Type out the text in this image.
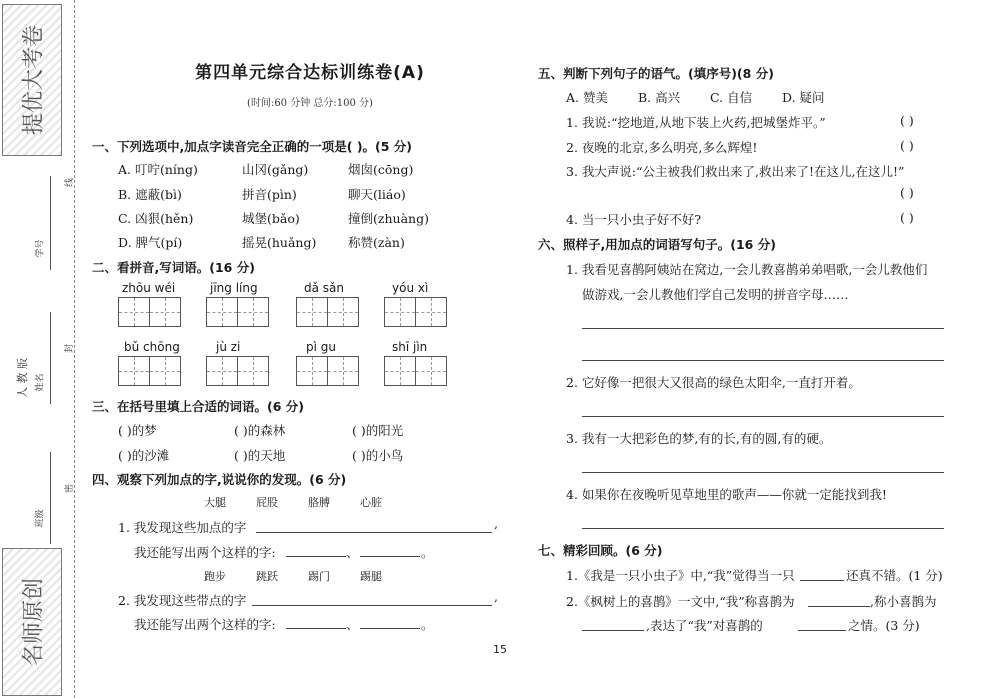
提优大考卷
名师原创
人 教 版
班级
姓名
学号
线
封
密
第四单元综合达标训练卷(A)
(时间:60 分钟 总分:100 分)
一、下列选项中,加点字读音完全正确的一项是( )。(5 分)
A. 叮咛(níng)	山冈(gǎng)	烟囱(cōng)
B. 遮蔽(bì)	拼音(pìn)	聊天(liáo)
C. 凶狠(hěn)	城堡(bǎo)	撞倒(zhuàng)
D. 脾气(pí)	摇晃(huǎng)	称赞(zàn)
二、看拼音,写词语。(16 分)
zhōu wéi	jīng líng	dǎ sǎn	yóu xì
bǔ chōng	jù zi	pì gu	shī jìn
三、在括号里填上合适的词语。(6 分)
( )的梦	( )的森林	( )的阳光
( )的沙滩	( )的天地	( )的小鸟
四、观察下列加点的字,说说你的发现。(6 分)
大腿	屁股	胳膊	心脏
1. 我发现这些加点的字	,
我还能写出两个这样的字:	、	。
跑步	跳跃	踢门	踢腿
2. 我发现这些带点的字	,
我还能写出两个这样的字:	、	。
五、判断下列句子的语气。(填序号)(8 分)
A. 赞美 B. 高兴 C. 自信 D. 疑问
1. 我说:“挖地道,从地下装上火药,把城堡炸平。”	( )
2. 夜晚的北京,多么明亮,多么辉煌!	( )
3. 我大声说:“公主被我们救出来了,救出来了!在这儿,在这儿!”
( )
4. 当一只小虫子好不好?	( )
六、照样子,用加点的词语写句子。(16 分)
1. 我看见喜鹊阿姨站在窝边,一会儿教喜鹊弟弟唱歌,一会儿教他们
做游戏,一会儿教他们学自己发明的拼音字母……
2. 它好像一把很大又很高的绿色太阳伞,一直打开着。
3. 我有一大把彩色的梦,有的长,有的圆,有的硬。
4. 如果你在夜晚听见草地里的歌声——你就一定能找到我!
七、精彩回顾。(6 分)
1.《我是一只小虫子》中,“我”觉得当一只	还真不错。(1 分)
2.《枫树上的喜鹊》一文中,“我”称喜鹊为	,称小喜鹊为
,表达了“我”对喜鹊的	之情。(3 分)
15
